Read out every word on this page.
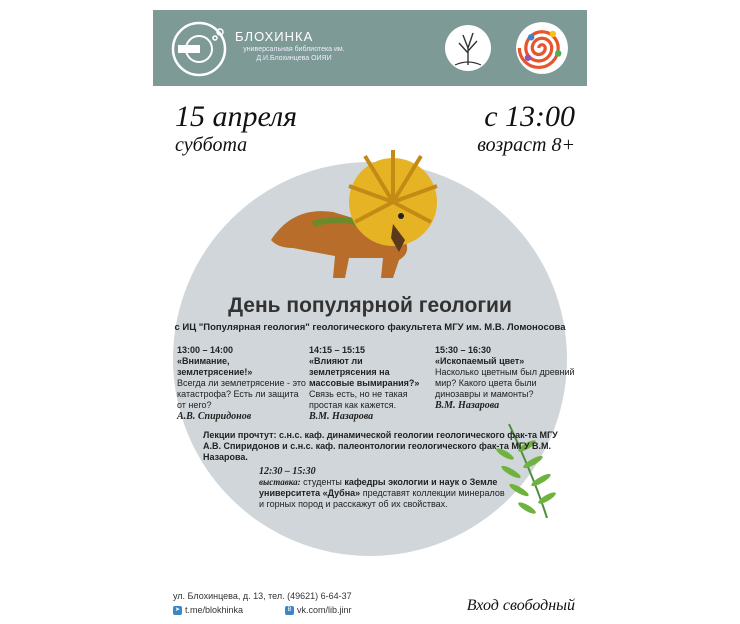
БЛОХИНКА
универсальная библиотека им. Д.И.Блохинцева ОИЯИ
15 апреля
суббота
с 13:00
возраст 8+
День популярной геологии
с ИЦ "Популярная геология" геологического факультета МГУ им. М.В. Ломоносова
13:00 – 14:00
«Внимание, землетрясение!»
Всегда ли землетрясение - это катастрофа? Есть ли защита от него?
А.В. Спиридонов
14:15 – 15:15
«Влияют ли землетрясения на массовые вымирания?»
Связь есть, но не такая простая как кажется.
В.М. Назарова
15:30 – 16:30
«Ископаемый цвет»
Насколько цветным был древний мир? Какого цвета были динозавры и мамонты?
В.М. Назарова
Лекции прочтут: с.н.с. каф. динамической геологии геологического фак-та МГУ А.В. Спиридонов и с.н.с. каф. палеонтологии геологического фак-та МГУ В.М. Назарова.
12:30 – 15:30
выставка: студенты кафедры экологии и наук о Земле университета «Дубна» представят коллекции минералов и горных пород и расскажут об их свойствах.
ул. Блохинцева, д. 13, тел. (49621) 6-64-37
➤ t.me/blokhinka	B vk.com/lib.jinr	Вход свободный
